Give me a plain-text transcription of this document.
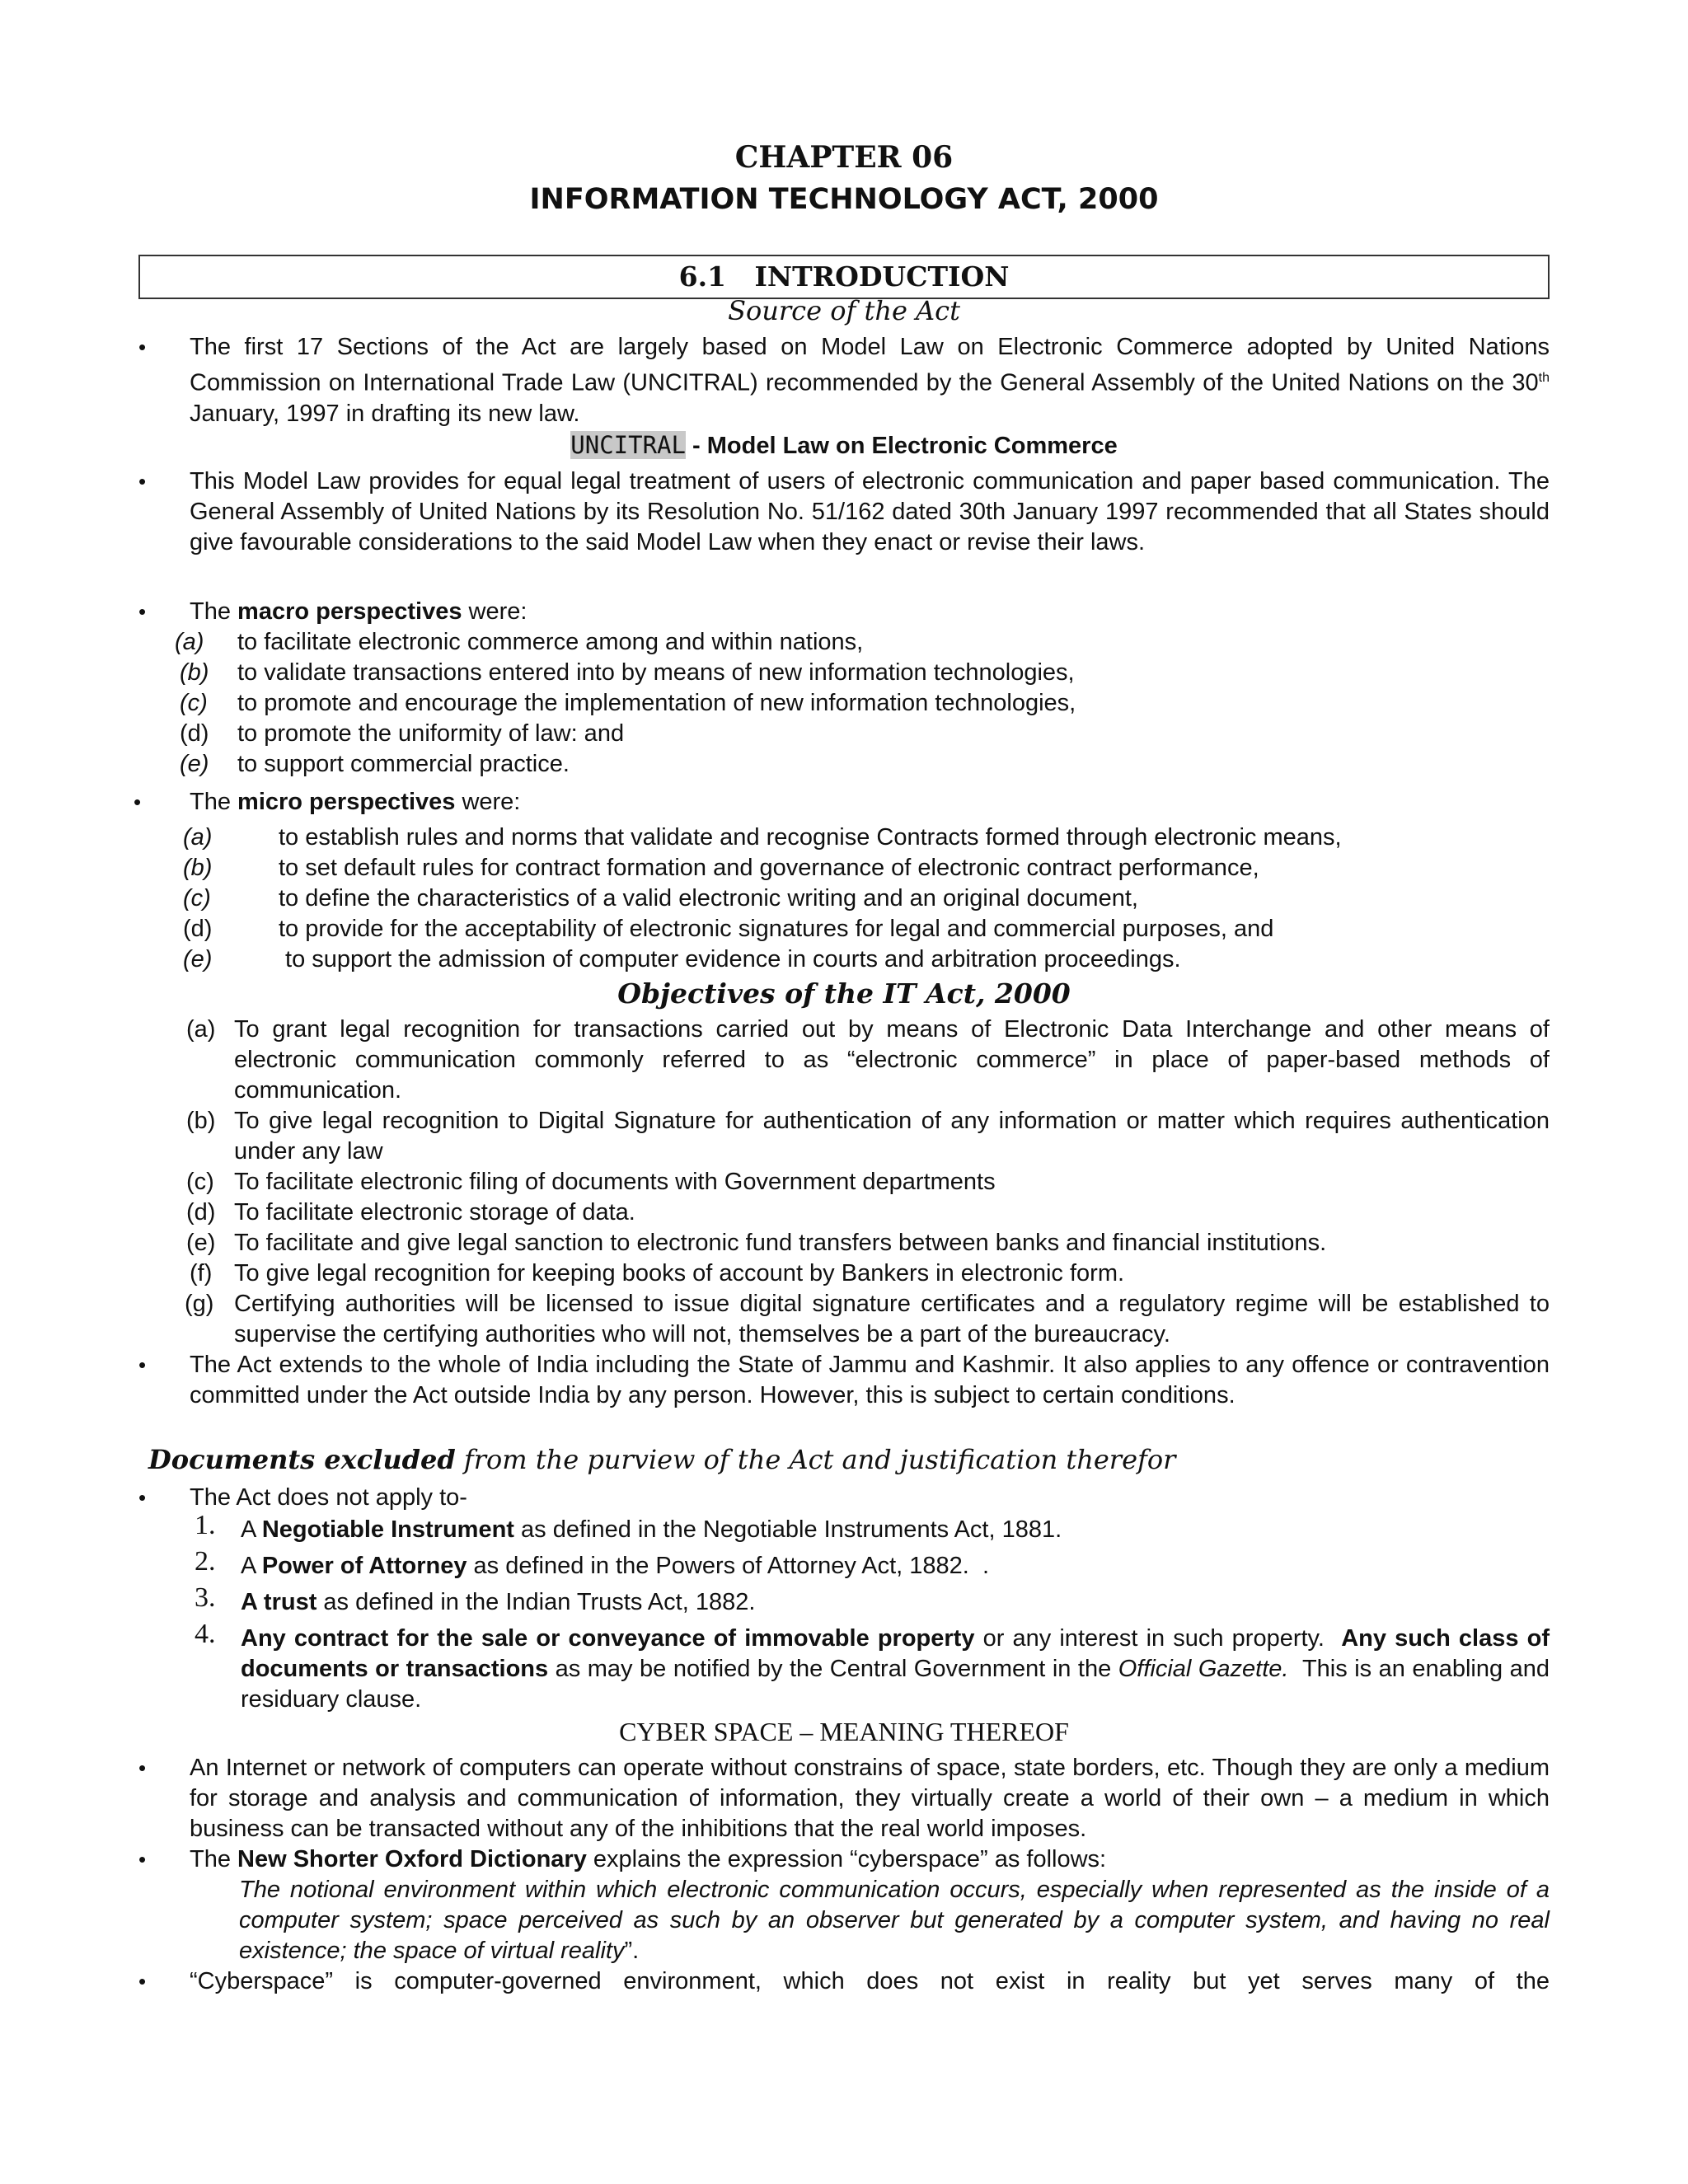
CHAPTER 06
INFORMATION TECHNOLOGY ACT, 2000
6.1   INTRODUCTION
Source of the Act
•	The first 17 Sections of the Act are largely based on Model Law on Electronic Commerce adopted by United Nations Commission on International Trade Law (UNCITRAL) recommended by the General Assembly of the United Nations on the 30th January, 1997 in drafting its new law.
UNCITRAL - Model Law on Electronic Commerce
•	This Model Law provides for equal legal treatment of users of electronic communication and paper based communication. The General Assembly of United Nations by its Resolution No. 51/162 dated 30th January 1997 recommended that all States should give favourable considerations to the said Model Law when they enact or revise their laws.
•	The macro perspectives were:
(a) to facilitate electronic commerce among and within nations,
(b) to validate transactions entered into by means of new information technologies,
(c) to promote and encourage the implementation of new information technologies,
(d) to promote the uniformity of law: and
(e) to support commercial practice.
•	The micro perspectives were:
(a)	to establish rules and norms that validate and recognise Contracts formed through electronic means,
(b)	to set default rules for contract formation and governance of electronic contract performance,
(c)	to define the characteristics of a valid electronic writing and an original document,
(d)	to provide for the acceptability of electronic signatures for legal and commercial purposes, and
(e)	to support the admission of computer evidence in courts and arbitration proceedings.
Objectives of the IT Act, 2000
(a) To grant legal recognition for transactions carried out by means of Electronic Data Interchange and other means of electronic communication commonly referred to as “electronic commerce” in place of paper-based methods of communication.
(b) To give legal recognition to Digital Signature for authentication of any information or matter which requires authentication under any law
(c) To facilitate electronic filing of documents with Government departments
(d) To facilitate electronic storage of data.
(e) To facilitate and give legal sanction to electronic fund transfers between banks and financial institutions.
(f) To give legal recognition for keeping books of account by Bankers in electronic form.
(g) Certifying authorities will be licensed to issue digital signature certificates and a regulatory regime will be established to supervise the certifying authorities who will not, themselves be a part of the bureaucracy.
•	The Act extends to the whole of India including the State of Jammu and Kashmir. It also applies to any offence or contravention committed under the Act outside India by any person. However, this is subject to certain conditions.
Documents excluded from the purview of the Act and justification therefor
•	The Act does not apply to-
1. A Negotiable Instrument as defined in the Negotiable Instruments Act, 1881.
2. A Power of Attorney as defined in the Powers of Attorney Act, 1882.  .
3. A trust as defined in the Indian Trusts Act, 1882.
4. Any contract for the sale or conveyance of immovable property or any interest in such property.  Any such class of documents or transactions as may be notified by the Central Government in the Official Gazette.  This is an enabling and residuary clause.
CYBER SPACE – MEANING THEREOF
•	An Internet or network of computers can operate without constrains of space, state borders, etc. Though they are only a medium for storage and analysis and communication of information, they virtually create a world of their own – a medium in which business can be transacted without any of the inhibitions that the real world imposes.
•	The New Shorter Oxford Dictionary explains the expression “cyberspace” as follows:
The notional environment within which electronic communication occurs, especially when represented as the inside of a computer system; space perceived as such by an observer but generated by a computer system, and having no real existence; the space of virtual reality”.
•	“Cyberspace” is computer-governed environment, which does not exist in reality but yet serves many of the
